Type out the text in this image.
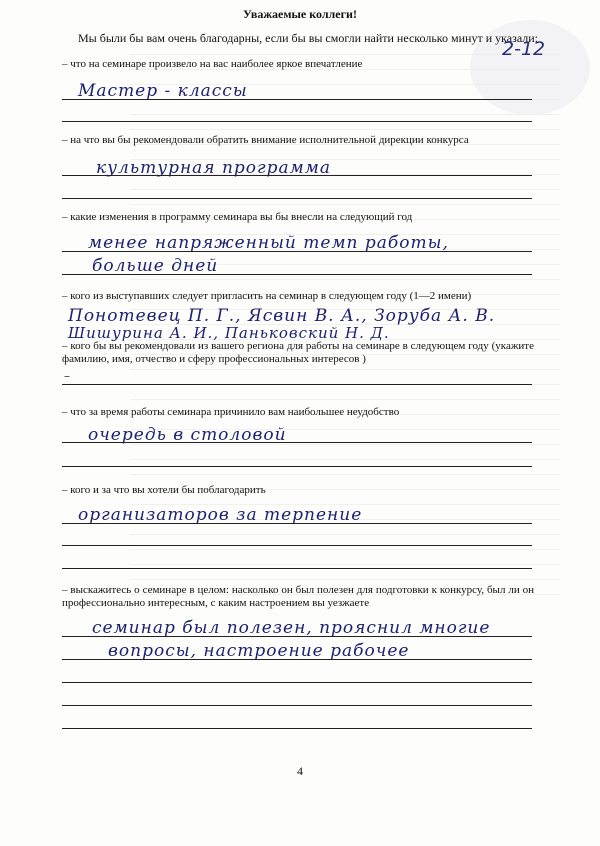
Уважаемые коллеги!
Мы были бы вам очень благодарны, если бы вы смогли найти несколько минут и указали:
2-12
– что на семинаре произвело на вас наиболее яркое впечатление
Мастер - классы
– на что вы бы рекомендовали обратить внимание исполнительной дирекции конкурса
культурная программа
– какие изменения в программу семинара вы бы внесли на следующий год
менее напряженный темп работы,
больше дней
– кого из выступавших следует пригласить на семинар в следующем году (1—2 имени)
Понотевец П. Г., Ясвин В. А., Зоруба А. В.
Шишурина А. И., Паньковский Н. Д.
– кого бы вы рекомендовали из вашего региона для работы на семинаре в следующем году (укажите фамилию, имя, отчество и сферу профессиональных интересов )
–
– что за время работы семинара причинило вам наибольшее неудобство
очередь в столовой
– кого и за что вы хотели бы поблагодарить
организаторов за терпение
– выскажитесь о семинаре в целом: насколько он был полезен для подготовки к конкурсу, был ли он профессионально интересным, с каким настроением вы уезжаете
семинар был полезен, прояснил многие
вопросы, настроение рабочее
4
